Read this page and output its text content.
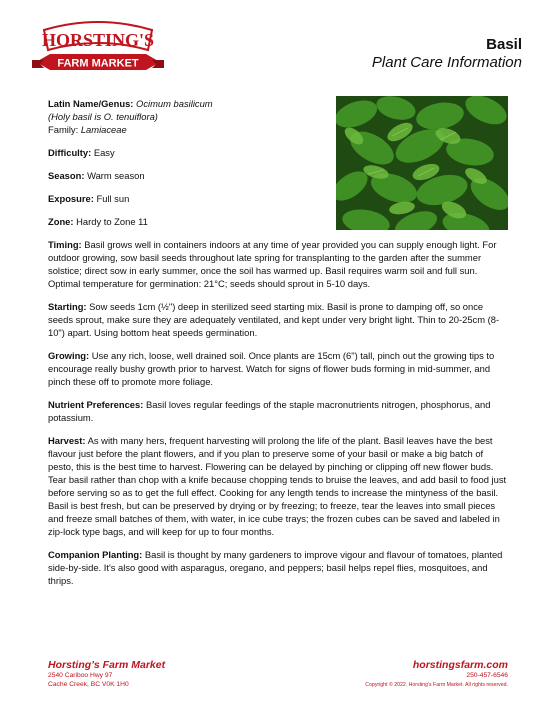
HORSTING'S
FARM MARKET
Basil
Plant Care Information
Latin Name/Genus: Ocimum basilicum
(Holy basil is O. tenuiflora)
Family: Lamiaceae
Difficulty: Easy
Season: Warm season
Exposure: Full sun
Zone: Hardy to Zone 11
Timing: Basil grows well in containers indoors at any time of year provided you can supply enough light. For outdoor growing, sow basil seeds throughout late spring for transplanting to the garden after the summer solstice; direct sow in early summer, once the soil has warmed up. Basil requires warm soil and full sun. Optimal temperature for germination: 21°C; seeds should sprout in 5-10 days.
Starting: Sow seeds 1cm (½") deep in sterilized seed starting mix. Basil is prone to damping off, so once seeds sprout, make sure they are adequately ventilated, and kept under very bright light. Thin to 20-25cm (8-10") apart. Using bottom heat speeds germination.
Growing: Use any rich, loose, well drained soil. Once plants are 15cm (6") tall, pinch out the growing tips to encourage really bushy growth prior to harvest. Watch for signs of flower buds forming in mid-summer, and pinch these off to promote more foliage.
Nutrient Preferences: Basil loves regular feedings of the staple macronutrients nitrogen, phosphorus, and potassium.
Harvest: As with many hers, frequent harvesting will prolong the life of the plant. Basil leaves have the best flavour just before the plant flowers, and if you plan to preserve some of your basil or make a big batch of pesto, this is the best time to harvest. Flowering can be delayed by pinching or clipping off new flower buds. Tear basil rather than chop with a knife because chopping tends to bruise the leaves, and add basil to food just before serving so as to get the full effect. Cooking for any length tends to increase the mintyness of the basil. Basil is best fresh, but can be preserved by drying or by freezing; to freeze, tear the leaves into small pieces and freeze small batches of them, with water, in ice cube trays; the frozen cubes can be saved and labeled in zip-lock type bags, and will keep for up to four months.
Companion Planting: Basil is thought by many gardeners to improve vigour and flavour of tomatoes, planted side-by-side. It's also good with asparagus, oregano, and peppers; basil helps repel flies, mosquitoes, and thrips.
Horsting’s Farm Market
2540 Cariboo Hwy 97
Cache Creek, BC V0K 1H0
horstingsfarm.com
250-457-6546
Copyright © 2022. Horsting’s Farm Market. All rights reserved.
